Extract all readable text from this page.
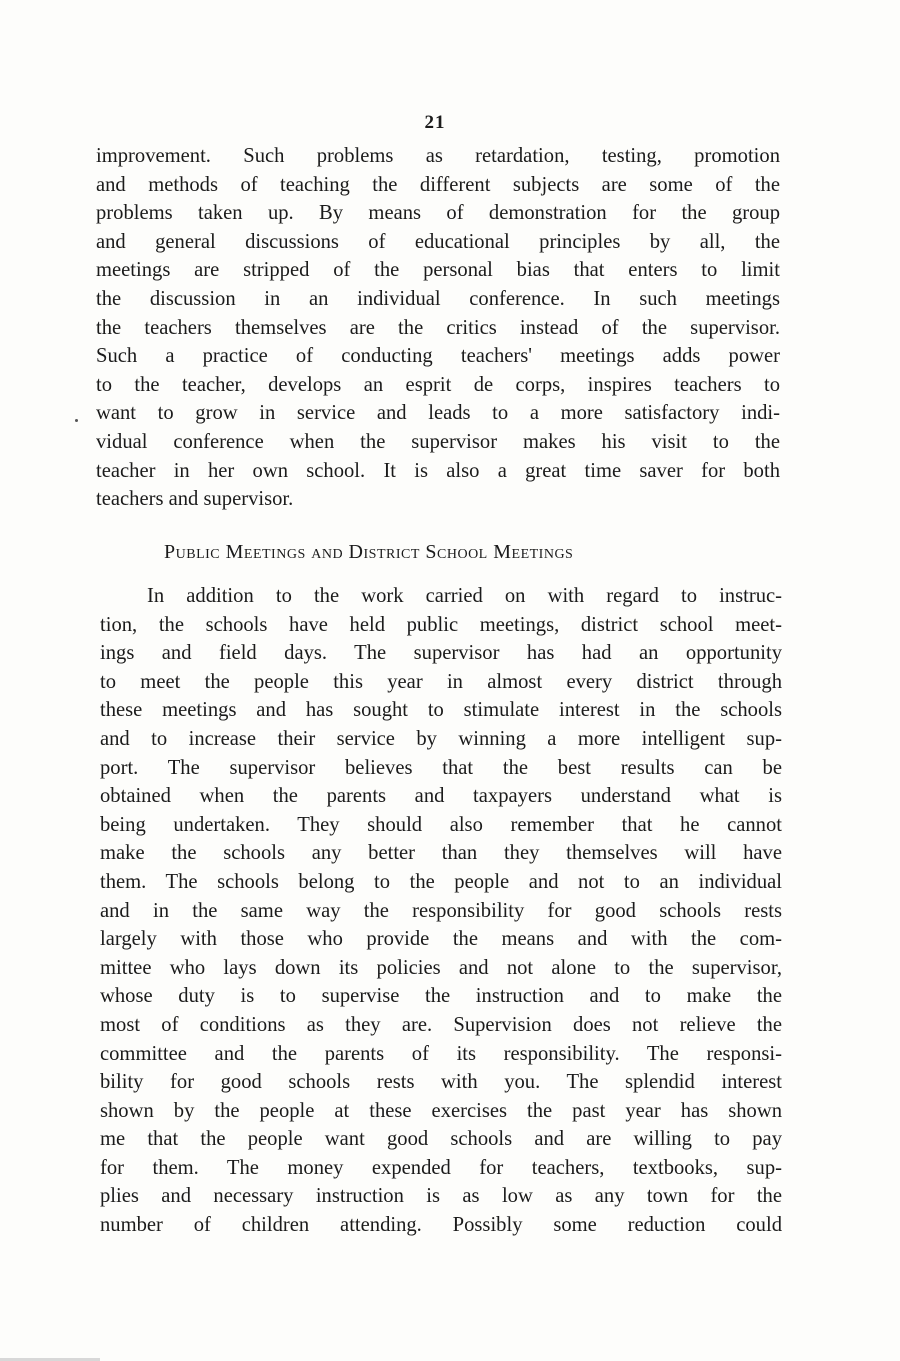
21
improvement. Such problems as retardation, testing, promotion
and methods of teaching the different subjects are some of the
problems taken up. By means of demonstration for the group
and general discussions of educational principles by all, the
meetings are stripped of the personal bias that enters to limit
the discussion in an individual conference. In such meetings
the teachers themselves are the critics instead of the supervisor.
Such a practice of conducting teachers' meetings adds power
to the teacher, develops an esprit de corps, inspires teachers to
want to grow in service and leads to a more satisfactory indi-
vidual conference when the supervisor makes his visit to the
teacher in her own school. It is also a great time saver for both
teachers and supervisor.
Public Meetings and District School Meetings
In addition to the work carried on with regard to instruc-
tion, the schools have held public meetings, district school meet-
ings and field days. The supervisor has had an opportunity
to meet the people this year in almost every district through
these meetings and has sought to stimulate interest in the schools
and to increase their service by winning a more intelligent sup-
port. The supervisor believes that the best results can be
obtained when the parents and taxpayers understand what is
being undertaken. They should also remember that he cannot
make the schools any better than they themselves will have
them. The schools belong to the people and not to an individual
and in the same way the responsibility for good schools rests
largely with those who provide the means and with the com-
mittee who lays down its policies and not alone to the supervisor,
whose duty is to supervise the instruction and to make the
most of conditions as they are. Supervision does not relieve the
committee and the parents of its responsibility. The responsi-
bility for good schools rests with you. The splendid interest
shown by the people at these exercises the past year has shown
me that the people want good schools and are willing to pay
for them. The money expended for teachers, textbooks, sup-
plies and necessary instruction is as low as any town for the
number of children attending. Possibly some reduction could
